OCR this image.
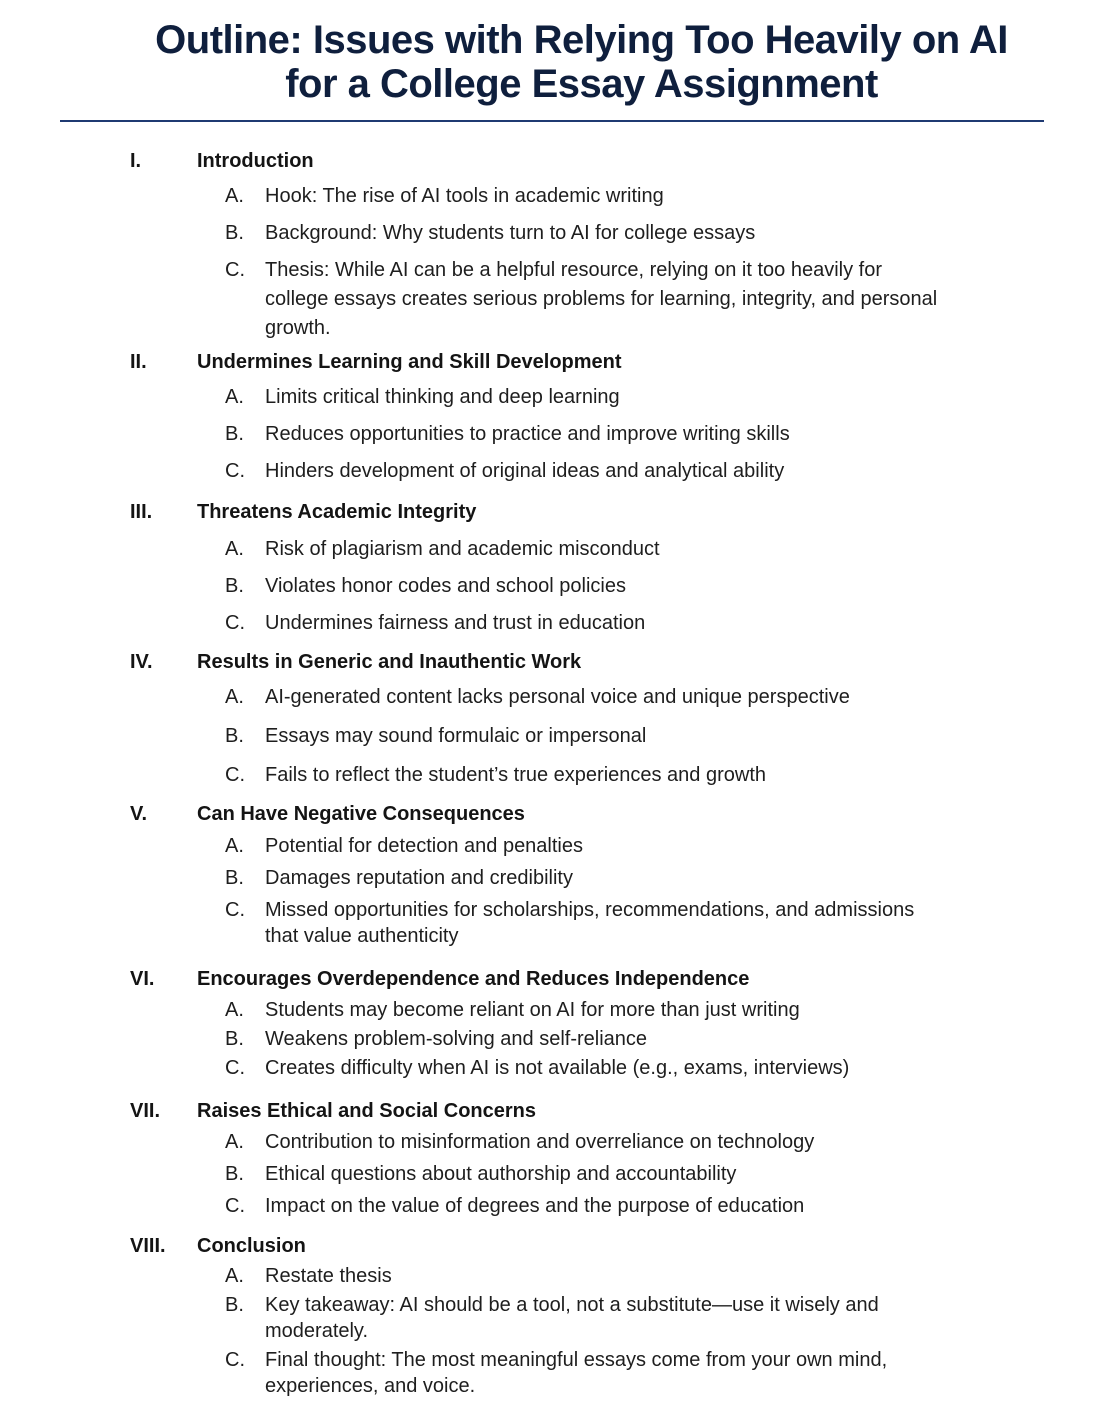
Outline: Issues with Relying Too Heavily on AI
for a College Essay Assignment
I.	Introduction
A. Hook: The rise of AI tools in academic writing
B. Background: Why students turn to AI for college essays
C. Thesis: While AI can be a helpful resource, relying on it too heavily for college essays creates serious problems for learning, integrity, and personal growth.
II.	Undermines Learning and Skill Development
A. Limits critical thinking and deep learning
B. Reduces opportunities to practice and improve writing skills
C. Hinders development of original ideas and analytical ability
III. Threatens Academic Integrity
A. Risk of plagiarism and academic misconduct
B. Violates honor codes and school policies
C. Undermines fairness and trust in education
IV. Results in Generic and Inauthentic Work
A. AI-generated content lacks personal voice and unique perspective
B. Essays may sound formulaic or impersonal
C. Fails to reflect the student’s true experiences and growth
V. Can Have Negative Consequences
A. Potential for detection and penalties
B. Damages reputation and credibility
C. Missed opportunities for scholarships, recommendations, and admissions that value authenticity
VI. Encourages Overdependence and Reduces Independence
A. Students may become reliant on AI for more than just writing
B. Weakens problem-solving and self-reliance
C. Creates difficulty when AI is not available (e.g., exams, interviews)
VII. Raises Ethical and Social Concerns
A. Contribution to misinformation and overreliance on technology
B. Ethical questions about authorship and accountability
C. Impact on the value of degrees and the purpose of education
VIII. Conclusion
A. Restate thesis
B. Key takeaway: AI should be a tool, not a substitute—use it wisely and moderately.
C. Final thought: The most meaningful essays come from your own mind, experiences, and voice.
